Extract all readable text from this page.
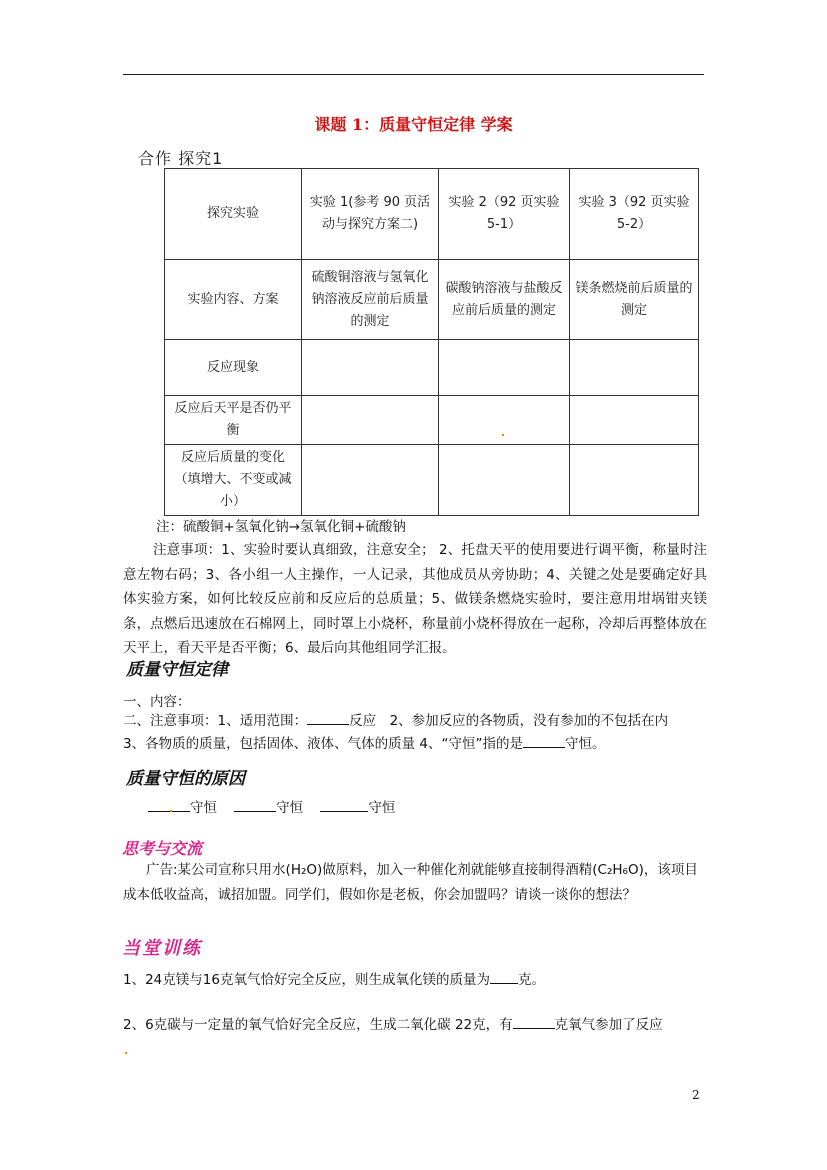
课题 1：质量守恒定律 学案
合作 探究1
探究实验	实验 1(参考 90 页活动与探究方案二)	实验 2（92 页实验 5-1）	实验 3（92 页实验 5-2）
实验内容、方案	硫酸铜溶液与氢氧化钠溶液反应前后质量的测定	碳酸钠溶液与盐酸反应前后质量的测定	镁条燃烧前后质量的测定
反应现象			
反应后天平是否仍平衡			
反应后质量的变化（填增大、不变或减小）			
注：硫酸铜+氢氧化钠→氢氧化铜+硫酸钠

注意事项：1、实验时要认真细致，注意安全； 2、托盘天平的使用要进行调平衡，称量时注意左物右码；3、各小组一人主操作，一人记录，其他成员从旁协助；4、关键之处是要确定好具体实验方案，如何比较反应前和反应后的总质量；5、做镁条燃烧实验时，要注意用坩埚钳夹镁条，点燃后迅速放在石棉网上，同时罩上小烧杯，称量前小烧杯得放在一起称，冷却后再整体放在天平上，看天平是否平衡；6、最后向其他组同学汇报。

质量守恒定律
一、内容：
二、注意事项：1、适用范围：	反应　2、参加反应的各物质，没有参加的不包括在内
3、各物质的质量，包括固体、液体、气体的质量 4、“守恒”指的是	守恒。
质量守恒的原因
守恒	守恒	守恒
思考与交流

广告:某公司宣称只用水(H₂O)做原料，加入一种催化剂就能够直接制得酒精(C₂H₆O)，该项目成本低收益高，诚招加盟。同学们，假如你是老板，你会加盟吗？请谈一谈你的想法？

当堂训练
1、24克镁与16克氧气恰好完全反应，则生成氧化镁的质量为 克。
2、6克碳与一定量的氧气恰好完全反应，生成二氧化碳 22克，有	克氧气参加了反应
2
